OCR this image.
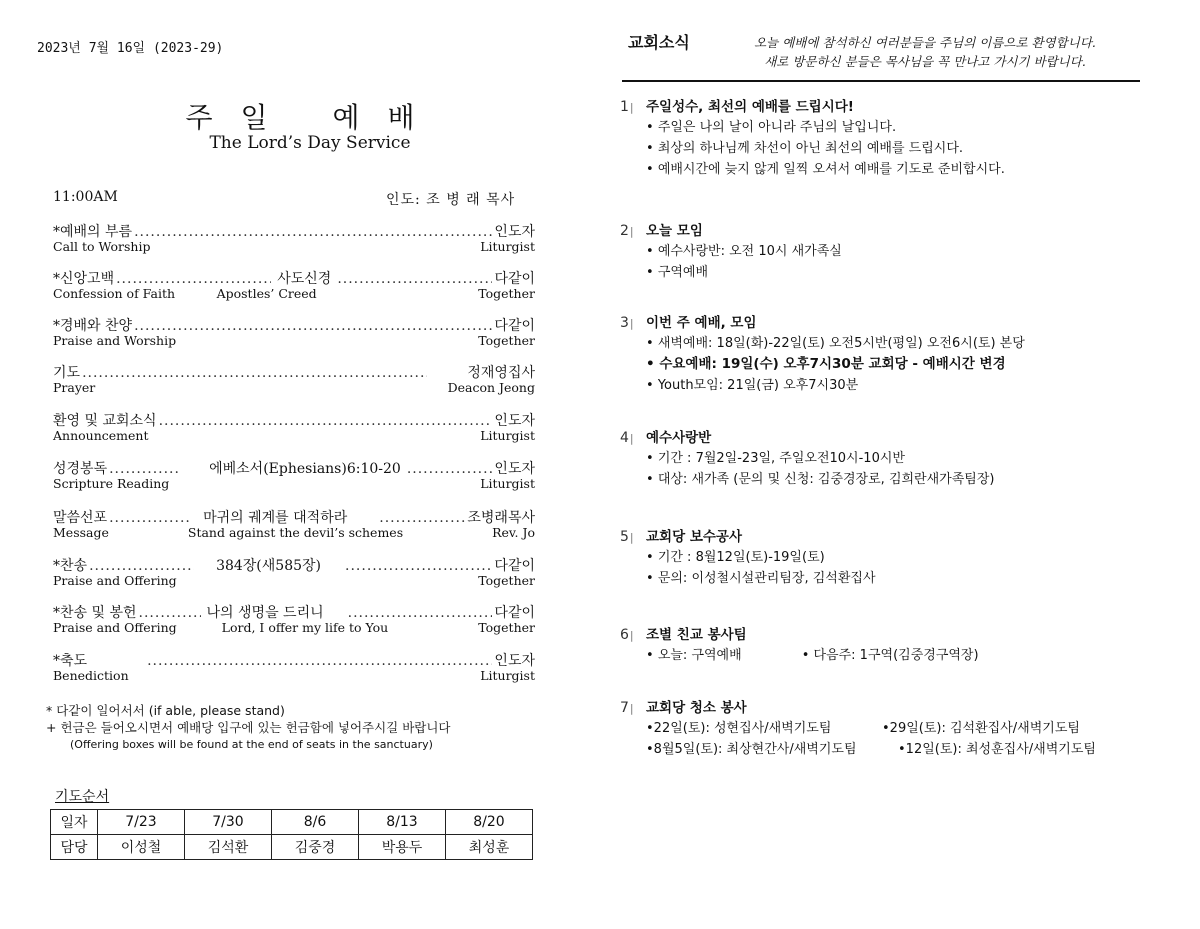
2023년 7월 16일 (2023-29)
주일 예배
The Lord’s Day Service
11:00AM	인도: 조 병 래 목사
*예배의 부름 .....	인도자
Call to Worship	Liturgist
*신앙고백 .....	사도신경 .....	다같이
Confession of Faith	Apostles’ Creed	Together
*경배와 찬양 .....	다같이
Praise and Worship	Together
기도 .....	정재영집사
Prayer	Deacon Jeong
환영 및 교회소식 .....	인도자
Announcement	Liturgist
성경봉독 .....	에베소서(Ephesians)6:10-20 .....	인도자
Scripture Reading	Liturgist
말씀선포 .....	마귀의 궤계를 대적하라 .....	조병래목사
Message	Stand against the devil’s schemes	Rev. Jo
*찬송 .....	384장(새585장) .....	다같이
Praise and Offering	Together
*찬송 및 봉헌 .....	나의 생명을 드리니 .....	다같이
Praise and Offering	Lord, I offer my life to You	Together
*축도 .....	인도자
Benediction	Liturgist
* 다같이 일어서서 (if able, please stand)
+ 헌금은 들어오시면서 예배당 입구에 있는 헌금함에 넣어주시길 바랍니다
(Offering boxes will be found at the end of seats in the sanctuary)
기도순서
일자	7/23	7/30	8/6	8/13	8/20
담당	이성철	김석환	김중경	박용두	최성훈
교회소식	오늘 예배에 참석하신 여러분들을 주님의 이름으로 환영합니다.
새로 방문하신 분들은 목사님을 꼭 만나고 가시기 바랍니다.
1 |	주일성수, 최선의 예배를 드립시다!
• 주일은 나의 날이 아니라 주님의 날입니다.
• 최상의 하나님께 차선이 아닌 최선의 예배를 드립시다.
• 예배시간에 늦지 않게 일찍 오셔서 예배를 기도로 준비합시다.
2 |	오늘 모임
• 예수사랑반: 오전 10시 새가족실
• 구역예배
3 |	이번 주 예배, 모임
• 새벽예배: 18일(화)-22일(토) 오전5시반(평일) 오전6시(토) 본당
• 수요예배: 19일(수) 오후7시30분 교회당 - 예배시간 변경
• Youth모임: 21일(금) 오후7시30분
4 |	예수사랑반
• 기간 : 7월2일-23일, 주일오전10시-10시반
• 대상: 새가족 (문의 및 신청: 김중경장로, 김희란새가족팀장)
5 |	교회당 보수공사
• 기간 : 8월12일(토)-19일(토)
• 문의: 이성철시설관리팀장, 김석환집사
6 |	조별 친교 봉사팀
• 오늘: 구역예배	• 다음주: 1구역(김중경구역장)
7 |	교회당 청소 봉사
•22일(토): 성현집사/새벽기도팀	•29일(토): 김석환집사/새벽기도팀
•8월5일(토): 최상현간사/새벽기도팀	•12일(토): 최성훈집사/새벽기도팀
